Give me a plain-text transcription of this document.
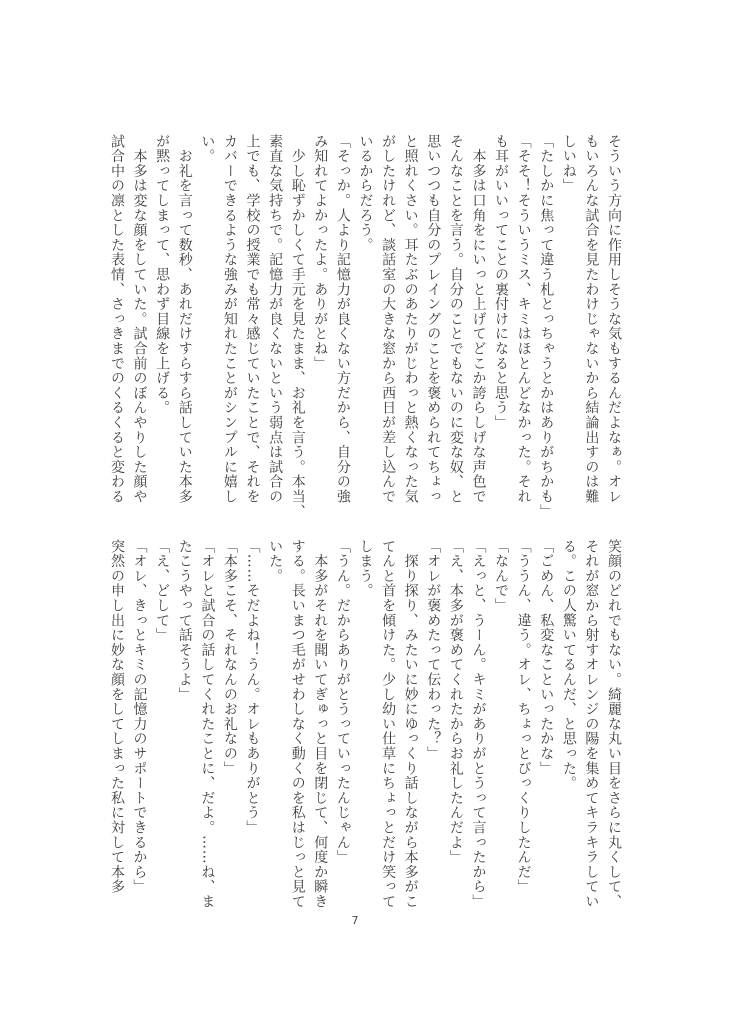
そういう方向に作用しそうな気もするんだよなぁ。オレ
もいろんな試合を見たわけじゃないから結論出すのは難
しいね」
「たしかに焦って違う札とっちゃうとかはありがちかも」
「そそ！そういうミス、キミはほとんどなかった。それ
も耳がいいってことの裏付けになると思う」
　本多は口角をにいっと上げてどこか誇らしげな声色で
そんなことを言う。自分のことでもないのに変な奴、と
思いつつも自分のプレイングのことを褒められてちょっ
と照れくさい。耳たぶのあたりがじわっと熱くなった気
がしたけれど、談話室の大きな窓から西日が差し込んで
いるからだろう。
「そっか。人より記憶力が良くない方だから、自分の強
み知れてよかったよ。ありがとね」
　少し恥ずかしくて手元を見たまま、お礼を言う。本当、
素直な気持ちで。記憶力が良くないという弱点は試合の
上でも、学校の授業でも常々感じていたことで、それを
カバーできるような強みが知れたことがシンプルに嬉し
い。
　お礼を言って数秒、あれだけすらすら話していた本多
が黙ってしまって、思わず目線を上げる。
　本多は変な顔をしていた。試合前のぼんやりした顔や
試合中の凛とした表情、さっきまでのくるくると変わる
笑顔のどれでもない。綺麗な丸い目をさらに丸くして、
それが窓から射すオレンジの陽を集めてキラキラしてい
る。この人驚いてるんだ、と思った。
「ごめん、私変なこといったかな」
「ううん、違う。オレ、ちょっとびっくりしたんだ」
「なんで」
「えっと、うーん。キミがありがとうって言ったから」
「え、本多が褒めてくれたからお礼したんだよ」
「オレが褒めたって伝わった？」
　探り探り、みたいに妙にゆっくり話しながら本多がこ
てんと首を傾けた。少し幼い仕草にちょっとだけ笑って
しまう。
「うん。だからありがとうっていったんじゃん」
　本多がそれを聞いてぎゅっと目を閉じて、何度か瞬き
する。長いまつ毛がせわしなく動くのを私はじっと見て
いた。
「……そだよね！うん。オレもありがとう」
「本多こそ、それなんのお礼なの」
「オレと試合の話してくれたことに、だよ。……ね、ま
たこうやって話そうよ」
「え、どして」
「オレ、きっとキミの記憶力のサポートできるから」
突然の申し出に妙な顔をしてしまった私に対して本多
7
